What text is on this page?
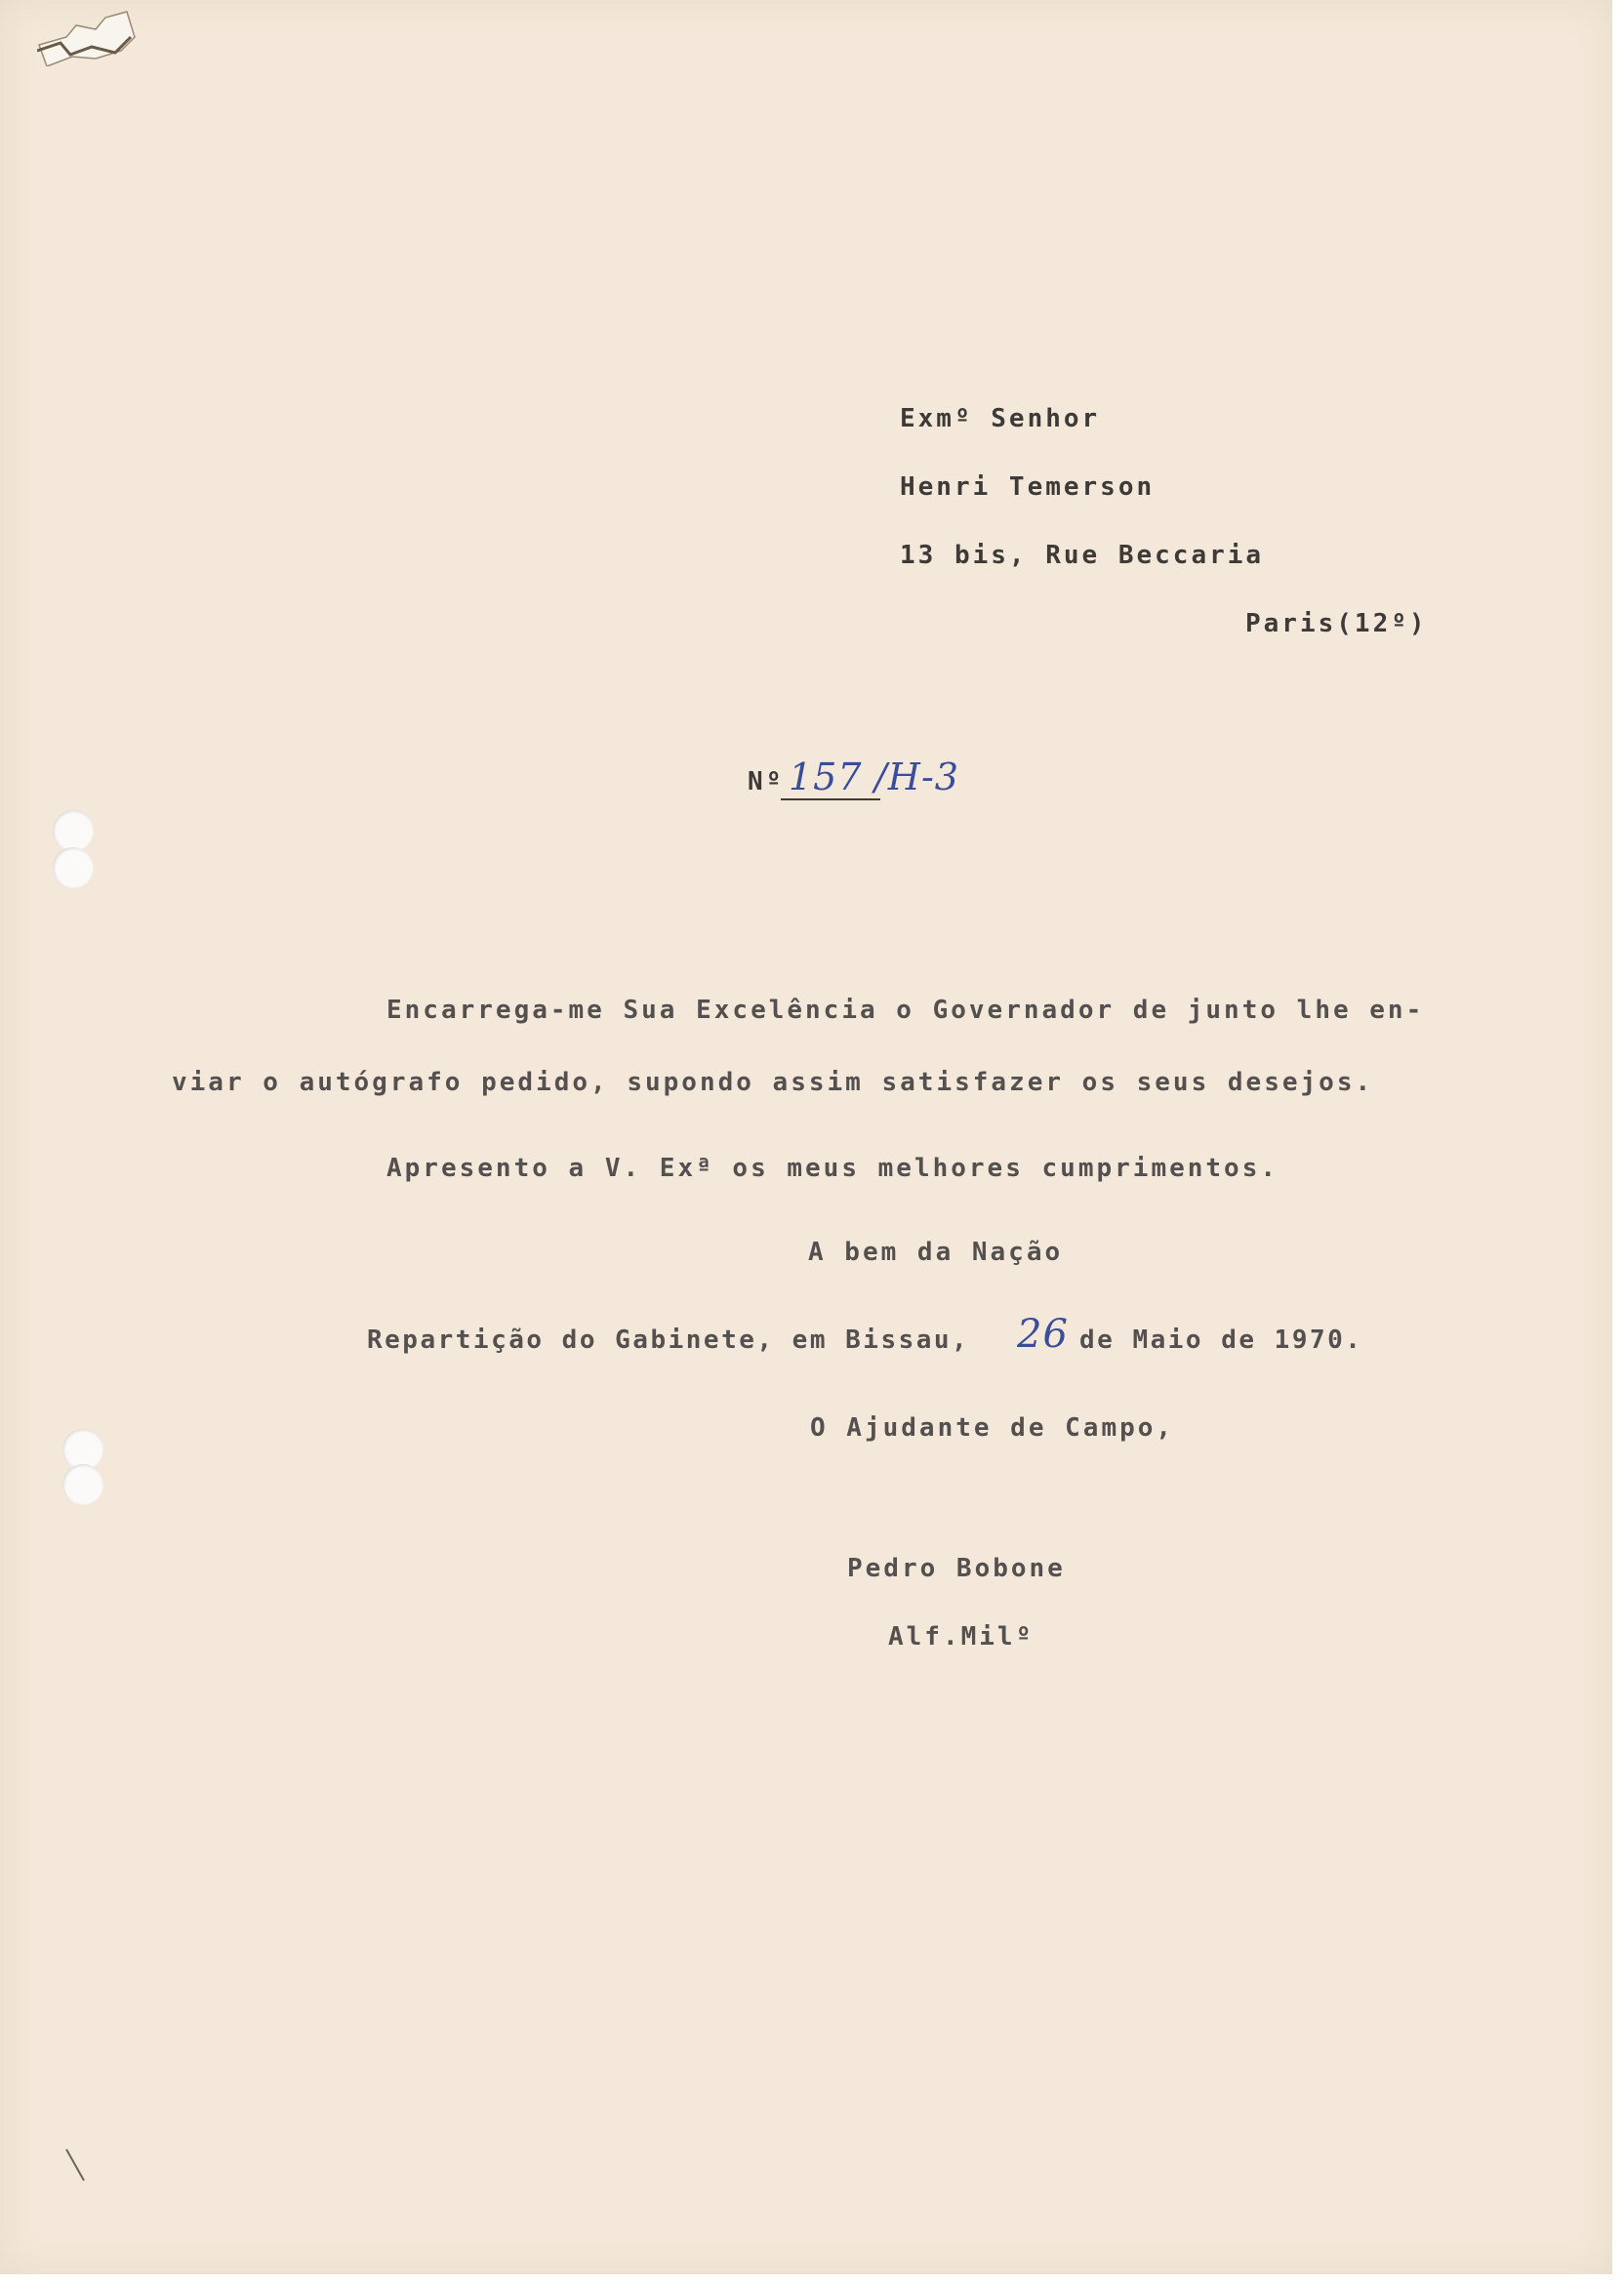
Exmº Senhor
Henri Temerson
13 bis, Rue Beccaria
Paris(12º)
Nº 157 /H-3
Encarrega-me Sua Excelência o Governador de junto lhe en-
viar o autógrafo pedido, supondo assim satisfazer os seus desejos.
Apresento a V. Exª os meus melhores cumprimentos.
A bem da Nação
Repartição do Gabinete, em Bissau, 26 de Maio de 1970.
O Ajudante de Campo,
Pedro Bobone
Alf.Milº
